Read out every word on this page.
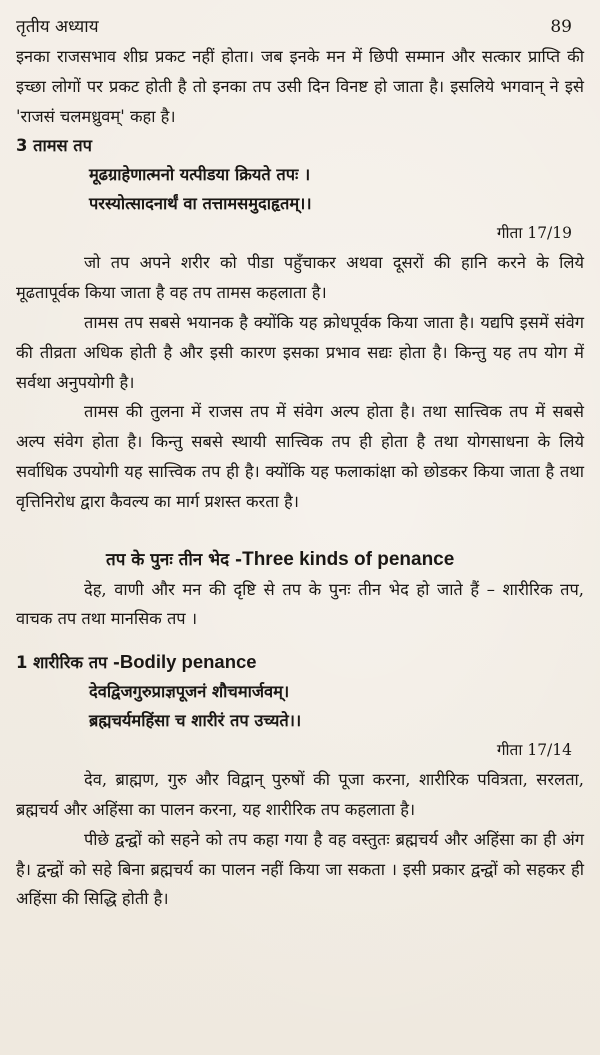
तृतीय अध्याय	89

इनका राजसभाव शीघ्र प्रकट नहीं होता। जब इनके मन में छिपी सम्मान और सत्कार प्राप्ति की इच्छा लोगों पर प्रकट होती है तो इनका तप उसी दिन विनष्ट हो जाता है। इसलिये भगवान् ने इसे 'राजसं चलमध्रुवम्' कहा है।

3 तामस तप
मूढग्राहेणात्मनो यत्पीडया क्रियते तपः ।
परस्योत्सादनार्थं वा तत्तामसमुदाहृतम्।।
गीता 17/19

जो तप अपने शरीर को पीडा पहुँचाकर अथवा दूसरों की हानि करने के लिये मूढतापूर्वक किया जाता है वह तप तामस कहलाता है।

तामस तप सबसे भयानक है क्योंकि यह क्रोधपूर्वक किया जाता है। यद्यपि इसमें संवेग की तीव्रता अधिक होती है और इसी कारण इसका प्रभाव सद्यः होता है। किन्तु यह तप योग में सर्वथा अनुपयोगी है।

तामस की तुलना में राजस तप में संवेग अल्प होता है। तथा सात्त्विक तप में सबसे अल्प संवेग होता है। किन्तु सबसे स्थायी सात्त्विक तप ही होता है तथा योगसाधना के लिये सर्वाधिक उपयोगी यह सात्त्विक तप ही है। क्योंकि यह फलाकांक्षा को छोडकर किया जाता है तथा वृत्तिनिरोध द्वारा कैवल्य का मार्ग प्रशस्त करता है।

तप के पुनः तीन भेद -Three kinds of penance

देह, वाणी और मन की दृष्टि से तप के पुनः तीन भेद हो जाते हैं – शारीरिक तप, वाचक तप तथा मानसिक तप ।

1 शारीरिक तप -Bodily penance
देवद्विजगुरुप्राज्ञपूजनं शौचमार्जवम्।
ब्रह्मचर्यमहिंसा च शारीरं तप उच्यते।।
गीता 17/14

देव, ब्राह्मण, गुरु और विद्वान् पुरुषों की पूजा करना, शारीरिक पवित्रता, सरलता, ब्रह्मचर्य और अहिंसा का पालन करना, यह शारीरिक तप कहलाता है।

पीछे द्वन्द्वों को सहने को तप कहा गया है वह वस्तुतः ब्रह्मचर्य और अहिंसा का ही अंग है। द्वन्द्वों को सहे बिना ब्रह्मचर्य का पालन नहीं किया जा सकता । इसी प्रकार द्वन्द्वों को सहकर ही अहिंसा की सिद्धि होती है।
